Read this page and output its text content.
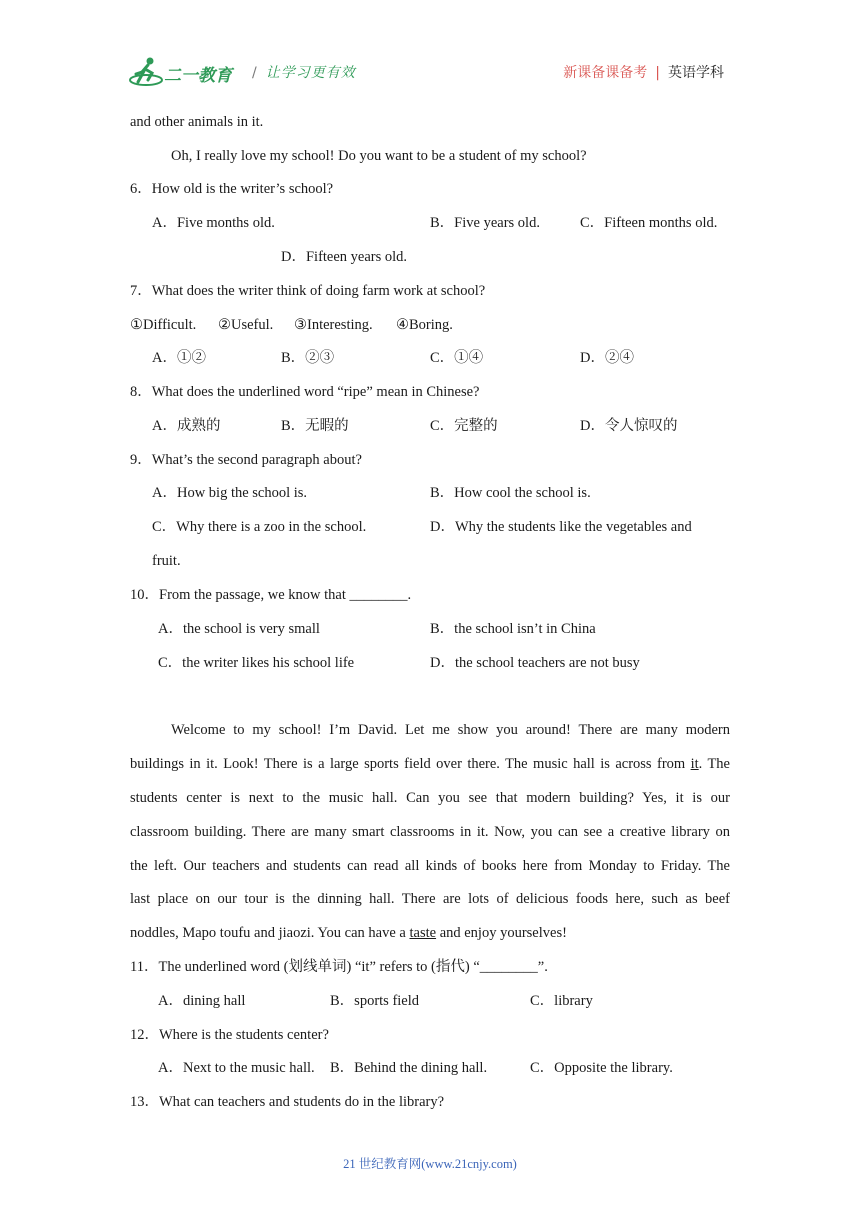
二一教育 / 让学习更有效	新课备课备考 | 英语学科
and other animals in it.
Oh, I really love my school! Do you want to be a student of my school?
6．How old is the writer’s school?
A．Five months old.	B．Five years old.	C．Fifteen months old.
D．Fifteen years old.
7．What does the writer think of doing farm work at school?
①Difficult. ②Useful. ③Interesting. ④Boring.
A．①②	B．②③	C．①④	D．②④
8．What does the underlined word “ripe” mean in Chinese?
A．成熟的	B．无暇的	C．完整的	D．令人惊叹的
9．What’s the second paragraph about?
A．How big the school is.	B．How cool the school is.
C．Why there is a zoo in the school.	D．Why the students like the vegetables and
fruit.
10．From the passage, we know that ________.
A．the school is very small	B．the school isn’t in China
C．the writer likes his school life	D．the school teachers are not busy
Welcome to my school! I’m David. Let me show you around! There are many modern
buildings in it. Look! There is a large sports field over there. The music hall is across from it. The
students center is next to the music hall. Can you see that modern building? Yes, it is our
classroom building. There are many smart classrooms in it. Now, you can see a creative library on
the left. Our teachers and students can read all kinds of books here from Monday to Friday. The
last place on our tour is the dinning hall. There are lots of delicious foods here, such as beef
noddles, Mapo toufu and jiaozi. You can have a taste and enjoy yourselves!
11．The underlined word (划线单词) “it” refers to (指代) “________”.
A．dining hall	B．sports field	C．library
12．Where is the students center?
A．Next to the music hall. B．Behind the dining hall.	C．Opposite the library.
13．What can teachers and students do in the library?
21 世纪教育网(www.21cnjy.com)
